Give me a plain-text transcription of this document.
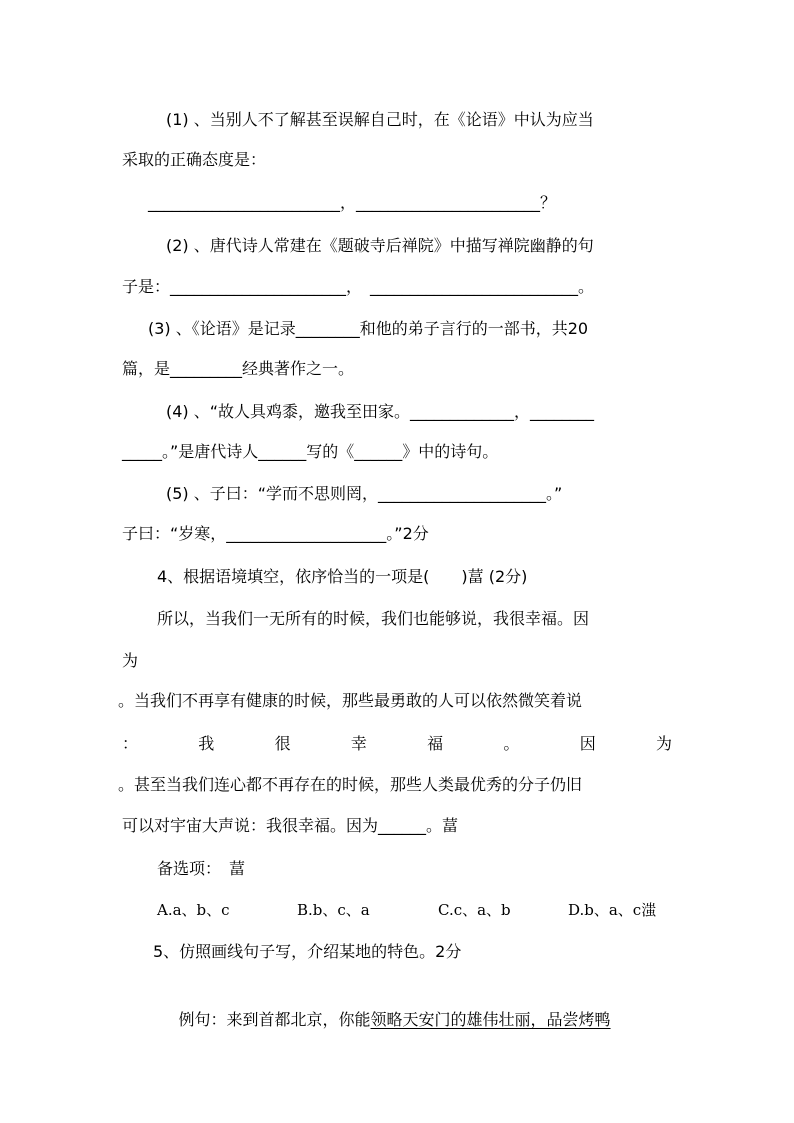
(1) 、当别人不了解甚至误解自己时，在《论语》中认为应当
采取的正确态度是：
________________________，_______________________？
(2) 、唐代诗人常建在《题破寺后禅院》中描写禅院幽静的句
子是：______________________，　__________________________。
(3) 、《论语》是记录________和他的弟子言行的一部书，共20
篇，是_________经典著作之一。
(4) 、“故人具鸡黍，邀我至田家。_____________，________
_____。”是唐代诗人______写的《______》中的诗句。
(5) 、子曰：“学而不思则罔，_____________________。”
子曰：“岁寒，____________________。”2分
4、根据语境填空，依序恰当的一项是(　　)葍 (2分)
所以，当我们一无所有的时候，我们也能够说，我很幸福。因
为
。当我们不再享有健康的时候，那些最勇敢的人可以依然微笑着说
：	我	很	幸	福	。	因	为
。甚至当我们连心都不再存在的时候，那些人类最优秀的分子仍旧
可以对宇宙大声说：我很幸福。因为______。葍
备选项：　葍
A.a、b、c	B.b、c、a	C.c、a、b	D.b、a、c滍
5、仿照画线句子写，介绍某地的特色。2分

例句：来到首都北京，你能领略天安门的雄伟壮丽，品尝烤鸭
